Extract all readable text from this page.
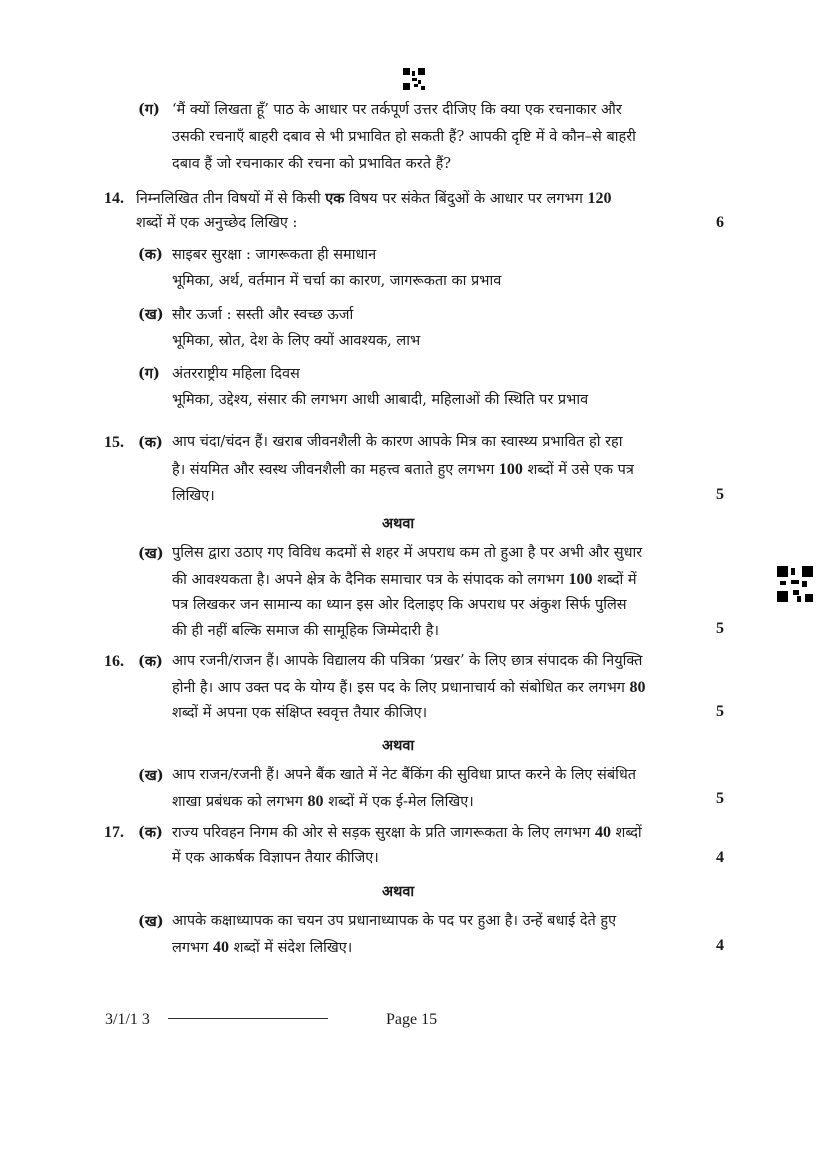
(ग) ‘मैं क्यों लिखता हूँ’ पाठ के आधार पर तर्कपूर्ण उत्तर दीजिए कि क्या एक रचनाकार और
उसकी रचनाएँ बाहरी दबाव से भी प्रभावित हो सकती हैं? आपकी दृष्टि में वे कौन–से बाहरी
दबाव हैं जो रचनाकार की रचना को प्रभावित करते हैं?
14. निम्नलिखित तीन विषयों में से किसी एक विषय पर संकेत बिंदुओं के आधार पर लगभग 120
शब्दों में एक अनुच्छेद लिखिए :	6
(क) साइबर सुरक्षा : जागरूकता ही समाधान
भूमिका, अर्थ, वर्तमान में चर्चा का कारण, जागरूकता का प्रभाव
(ख) सौर ऊर्जा : सस्ती और स्वच्छ ऊर्जा
भूमिका, स्रोत, देश के लिए क्यों आवश्यक, लाभ
(ग) अंतरराष्ट्रीय महिला दिवस
भूमिका, उद्देश्य, संसार की लगभग आधी आबादी, महिलाओं की स्थिति पर प्रभाव
15. (क) आप चंदा/चंदन हैं। खराब जीवनशैली के कारण आपके मित्र का स्वास्थ्य प्रभावित हो रहा
है। संयमित और स्वस्थ जीवनशैली का महत्त्व बताते हुए लगभग 100 शब्दों में उसे एक पत्र
लिखिए।	5
अथवा
(ख) पुलिस द्वारा उठाए गए विविध कदमों से शहर में अपराध कम तो हुआ है पर अभी और सुधार
की आवश्यकता है। अपने क्षेत्र के दैनिक समाचार पत्र के संपादक को लगभग 100 शब्दों में
पत्र लिखकर जन सामान्य का ध्यान इस ओर दिलाइए कि अपराध पर अंकुश सिर्फ पुलिस
की ही नहीं बल्कि समाज की सामूहिक जिम्मेदारी है।	5
16. (क) आप रजनी/राजन हैं। आपके विद्यालय की पत्रिका ‘प्रखर’ के लिए छात्र संपादक की नियुक्ति
होनी है। आप उक्त पद के योग्य हैं। इस पद के लिए प्रधानाचार्य को संबोधित कर लगभग 80
शब्दों में अपना एक संक्षिप्त स्ववृत्त तैयार कीजिए।	5
अथवा
(ख) आप राजन/रजनी हैं। अपने बैंक खाते में नेट बैंकिंग की सुविधा प्राप्त करने के लिए संबंधित
शाखा प्रबंधक को लगभग 80 शब्दों में एक ई-मेल लिखिए।	5
17. (क) राज्य परिवहन निगम की ओर से सड़क सुरक्षा के प्रति जागरूकता के लिए लगभग 40 शब्दों
में एक आकर्षक विज्ञापन तैयार कीजिए।	4
अथवा
(ख) आपके कक्षाध्यापक का चयन उप प्रधानाध्यापक के पद पर हुआ है। उन्हें बधाई देते हुए
लगभग 40 शब्दों में संदेश लिखिए।	4
3/1/1 3	Page 15
